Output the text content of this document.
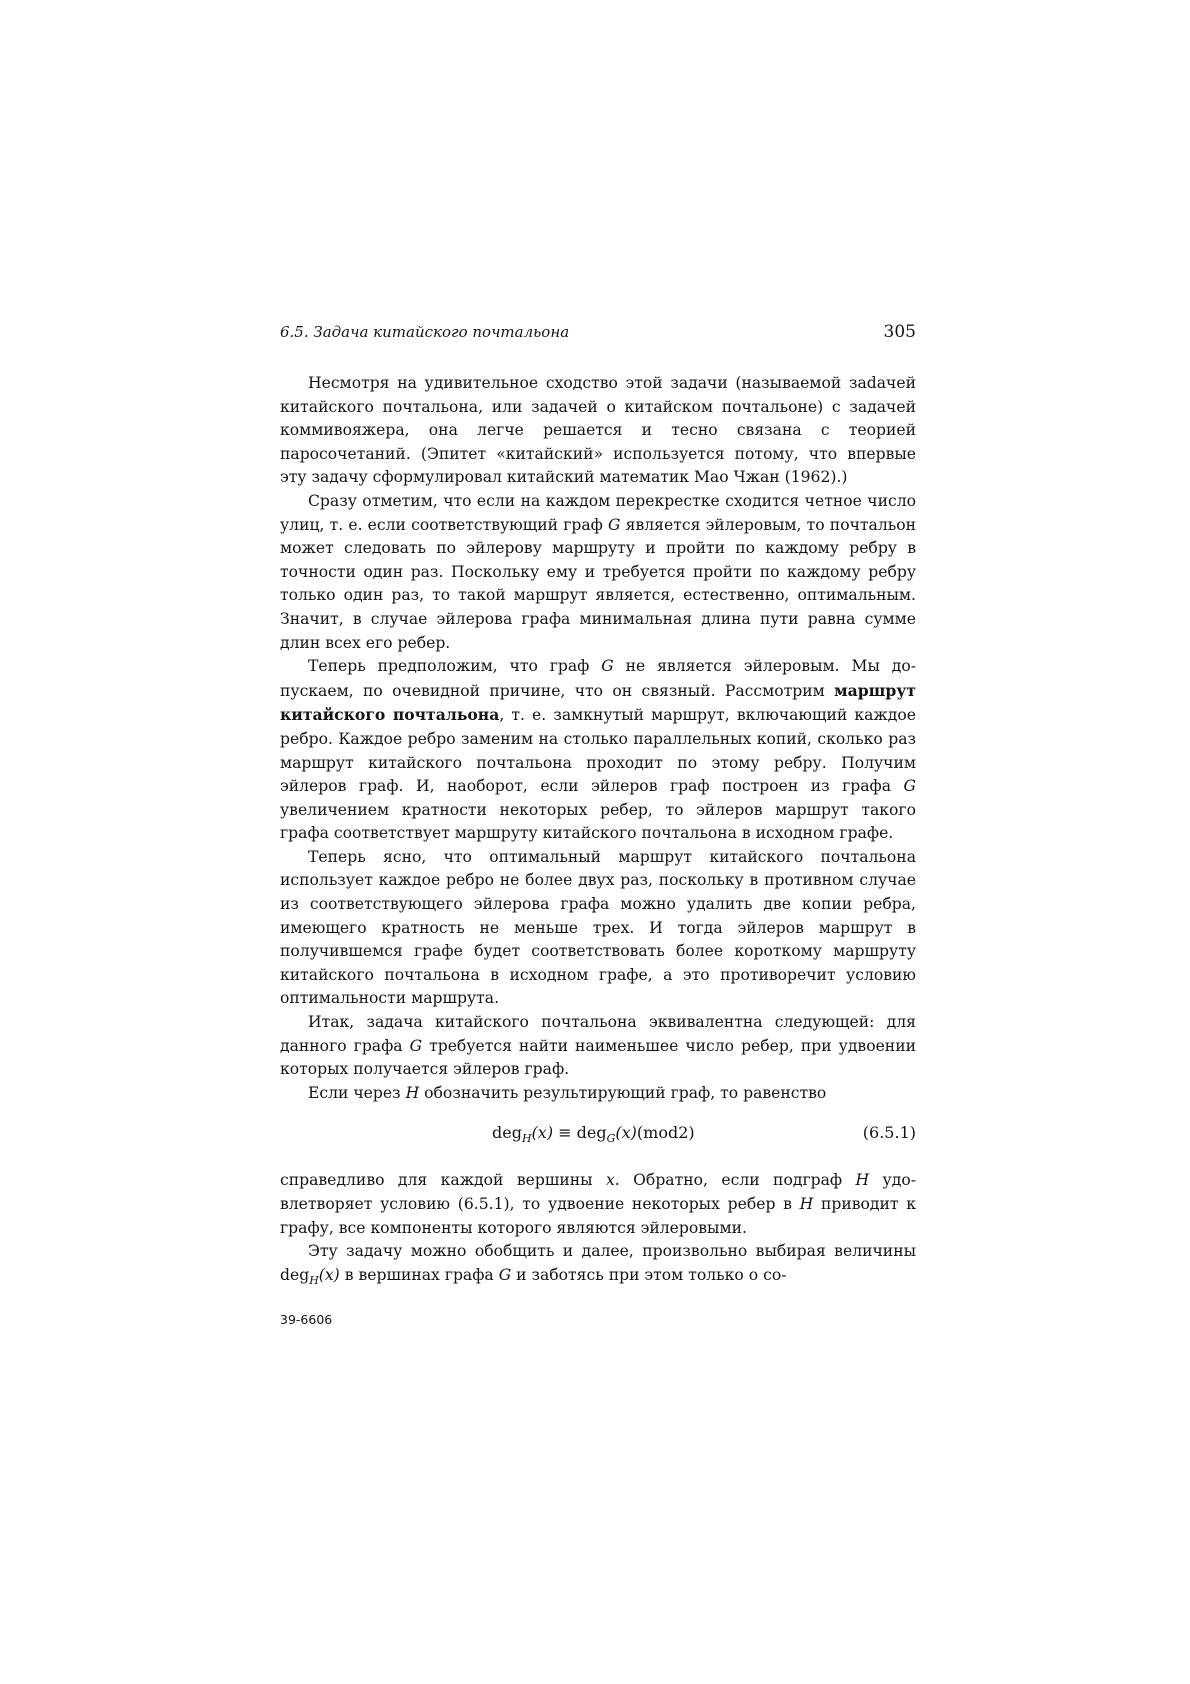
6.5. Задача китайского почтальона	305

Несмотря на удивительное сходство этой задачи (называемой заdачей китайского почтальона, или задачей о китайском почтальоне) с задачей коммивояжера, она легче решается и тесно связана с теорией паросочетаний. (Эпитет «китайский» используется потому, что впервые эту задачу сформулировал китайский математик Мао Чжан (1962).)

Сразу отметим, что если на каждом перекрестке сходится четное число улиц, т. е. если соответствующий граф G является эйлеровым, то почтальон может следовать по эйлерову маршруту и пройти по каждому ребру в точности один раз. Поскольку ему и требуется пройти по каждому ребру только один раз, то такой маршрут является, естественно, оптимальным. Значит, в случае эйлерова графа минимальная длина пути равна сумме длин всех его ребер.

Теперь предположим, что граф G не является эйлеровым. Мы допускаем, по очевидной причине, что он связный. Рассмотрим маршрут китайского почтальона, т. е. замкнутый маршрут, включающий каждое ребро. Каждое ребро заменим на столько параллельных копий, сколько раз маршрут китайского почтальона проходит по этому ребру. Получим эйлеров граф. И, наоборот, если эйлеров граф построен из графа G увеличением кратности некоторых ребер, то эйлеров маршрут такого графа соответствует маршруту китайского почтальона в исходном графе.

Теперь ясно, что оптимальный маршрут китайского почтальона использует каждое ребро не более двух раз, поскольку в противном случае из соответствующего эйлерова графа можно удалить две копии ребра, имеющего кратность не меньше трех. И тогда эйлеров маршрут в получившемся графе будет соответствовать более короткому маршруту китайского почтальона в исходном графе, а это противоречит условию оптимальности маршрута.

Итак, задача китайского почтальона эквивалентна следующей: для данного графа G требуется найти наименьшее число ребер, при удвоении которых получается эйлеров граф.

Если через H обозначить результирующий граф, то равенство

deg$_H$(x) ≡ deg$_G$(x)(mod2)	(6.5.1)

справедливо для каждой вершины x. Обратно, если подграф H удовлетворяет условию (6.5.1), то удвоение некоторых ребер в H приводит к графу, все компоненты которого являются эйлеровыми.

Эту задачу можно обобщить и далее, произвольно выбирая величины deg$_H$(x) в вершинах графа G и заботясь при этом только о со-

39-6606
